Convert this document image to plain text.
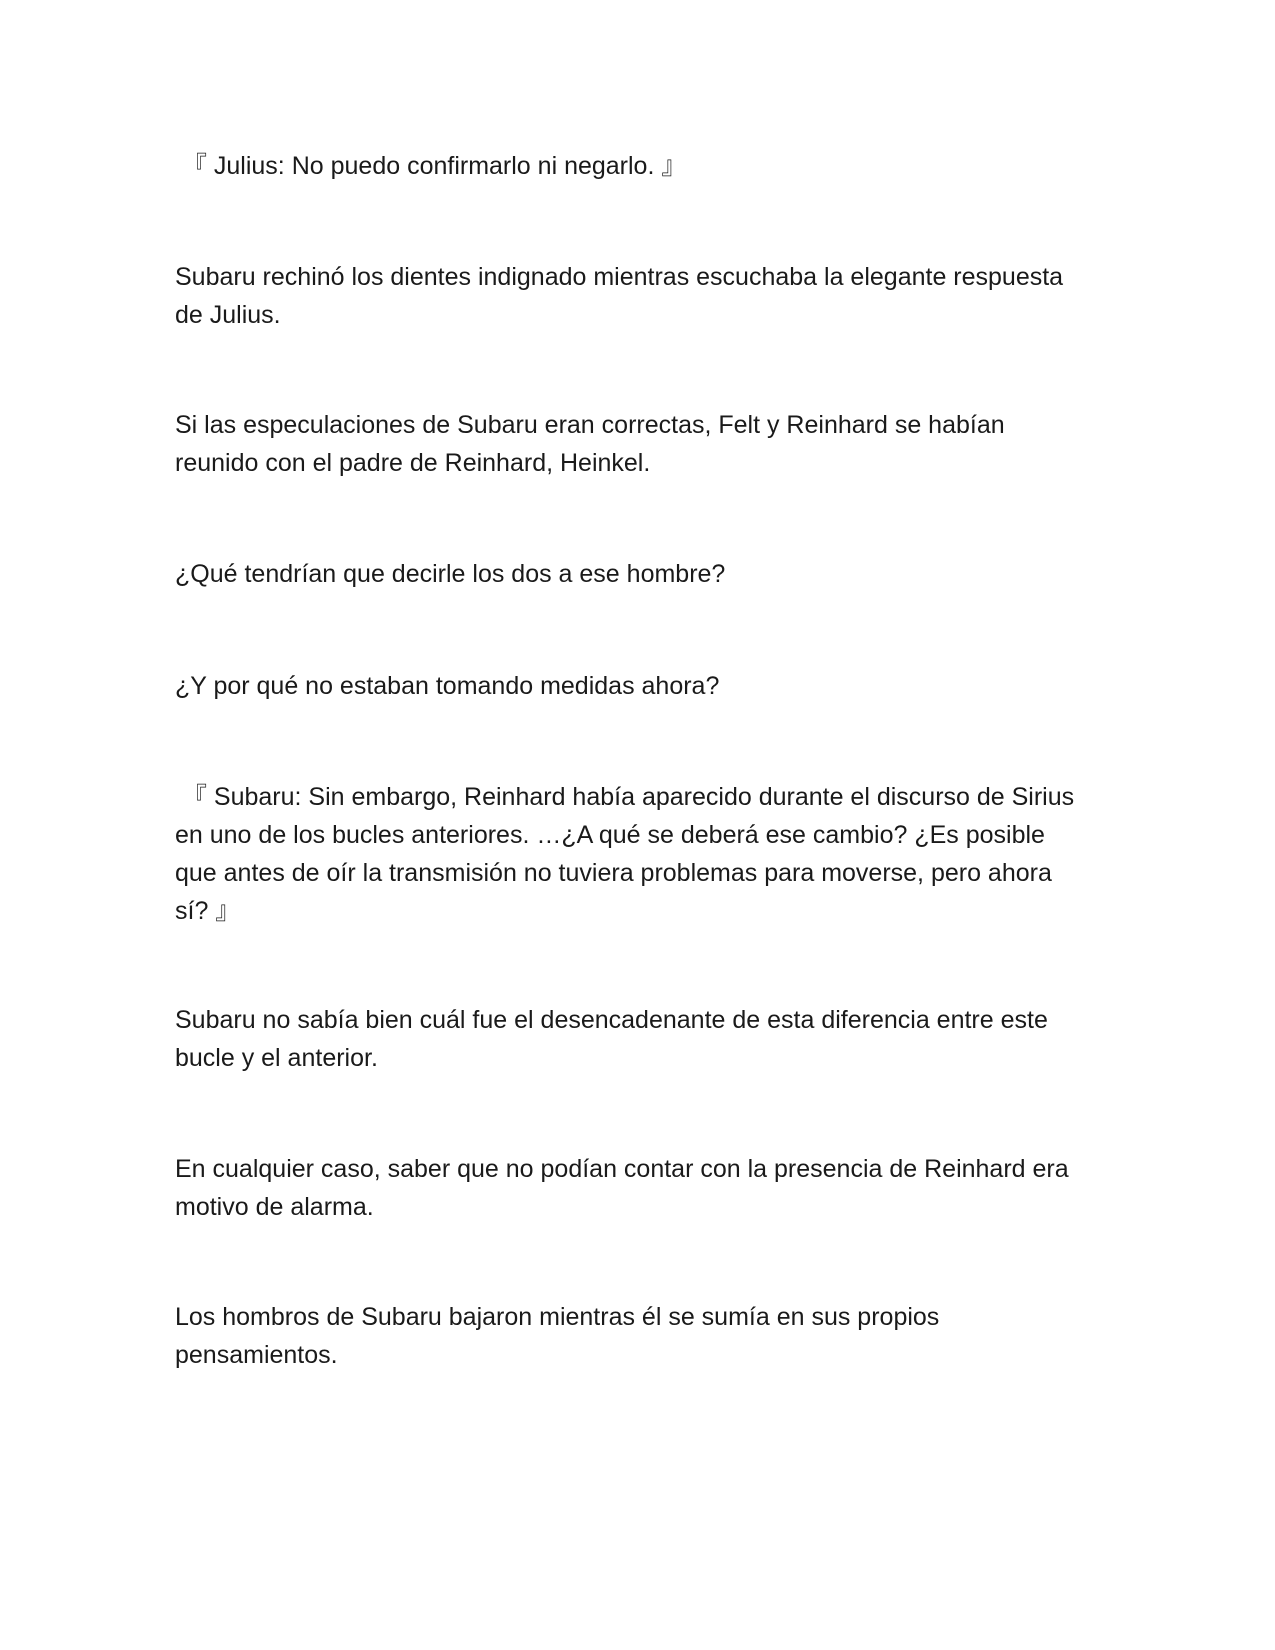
『 Julius: No puedo confirmarlo ni negarlo. 』

Subaru rechinó los dientes indignado mientras escuchaba la elegante respuesta de Julius.

Si las especulaciones de Subaru eran correctas, Felt y Reinhard se habían reunido con el padre de Reinhard, Heinkel.

¿Qué tendrían que decirle los dos a ese hombre?

¿Y por qué no estaban tomando medidas ahora?

『 Subaru: Sin embargo, Reinhard había aparecido durante el discurso de Sirius en uno de los bucles anteriores. …¿A qué se deberá ese cambio? ¿Es posible que antes de oír la transmisión no tuviera problemas para moverse, pero ahora sí? 』

Subaru no sabía bien cuál fue el desencadenante de esta diferencia entre este bucle y el anterior.

En cualquier caso, saber que no podían contar con la presencia de Reinhard era motivo de alarma.

Los hombros de Subaru bajaron mientras él se sumía en sus propios pensamientos.
